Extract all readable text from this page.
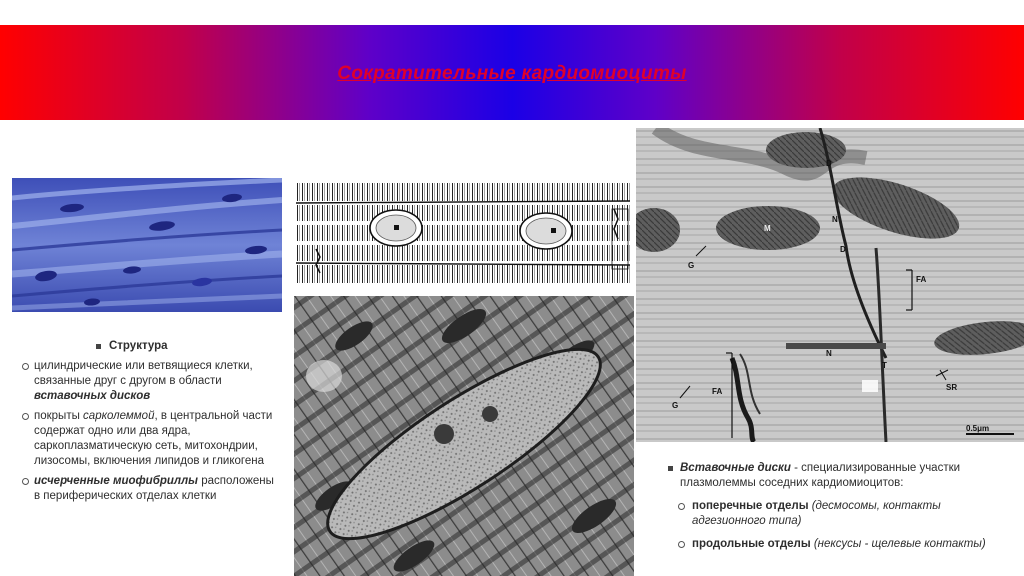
Сократительные кардиомиоциты
D
M
N
D
G
FA
N
T
SR
FA
G
0.5μm
Структура
цилиндрические или ветвящиеся клетки, связанные друг с другом в области вставочных дисков
покрыты сарколеммой, в центральной части содержат одно или два ядра, саркоплазматическую сеть, митохондрии, лизосомы, включения липидов и гликогена
исчерченные миофибриллы расположены в периферических отделах клетки
Вставочные диски - специализированные участки плазмолеммы соседних кардиомиоцитов:
поперечные отделы (десмосомы, контакты адгезионного типа)
продольные отделы (нексусы - щелевые контакты)
